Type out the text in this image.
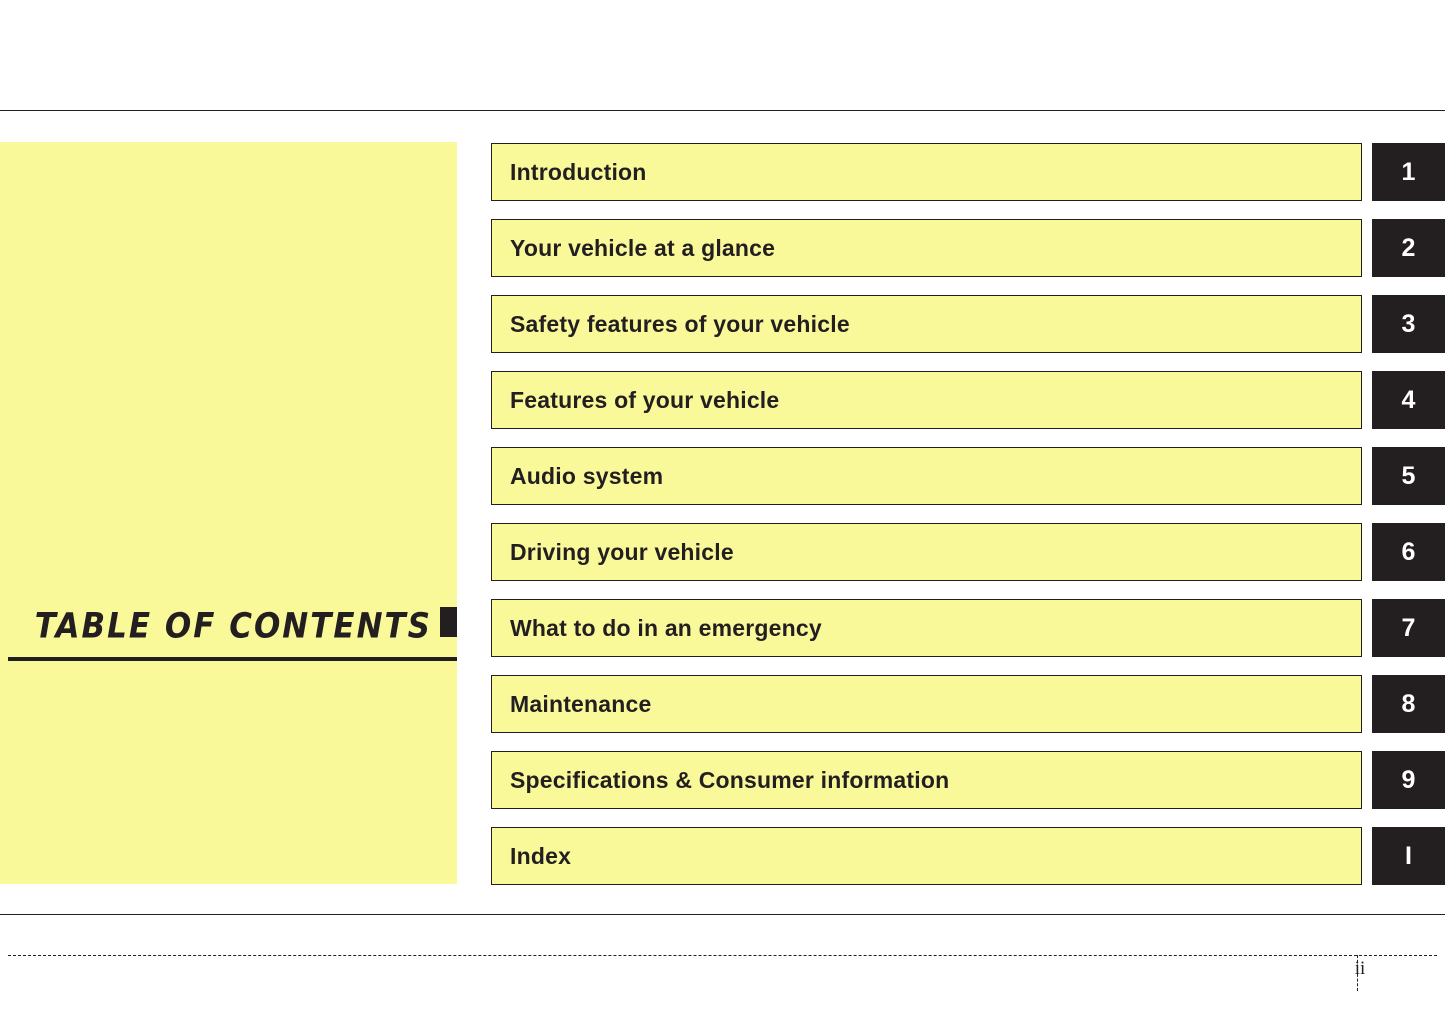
TABLE OF CONTENTS
Introduction
Your vehicle at a glance
Safety features of your vehicle
Features of your vehicle
Audio system
Driving your vehicle
What to do in an emergency
Maintenance
Specifications & Consumer information
Index
1
2
3
4
5
6
7
8
9
I
ii
